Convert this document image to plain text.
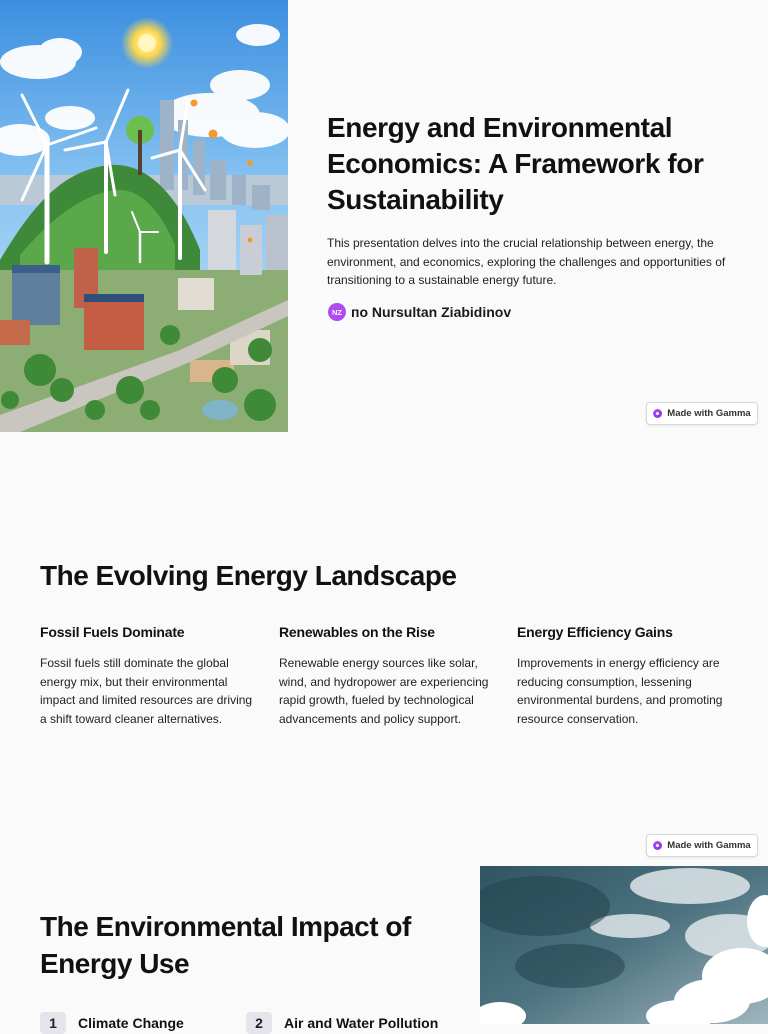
Energy and Environmental Economics: A Framework for Sustainability
This presentation delves into the crucial relationship between energy, the environment, and economics, exploring the challenges and opportunities of transitioning to a sustainable energy future.
NZ по Nursultan Ziabidinov
Made with Gamma
The Evolving Energy Landscape
Fossil Fuels Dominate

Fossil fuels still dominate the global energy mix, but their environmental impact and limited resources are driving a shift toward cleaner alternatives.

Renewables on the Rise

Renewable energy sources like solar, wind, and hydropower are experiencing rapid growth, fueled by technological advancements and policy support.

Energy Efficiency Gains

Improvements in energy efficiency are reducing consumption, lessening environmental burdens, and promoting resource conservation.

Made with Gamma
The Environmental Impact of Energy Use
1	Climate Change	2	Air and Water Pollution
